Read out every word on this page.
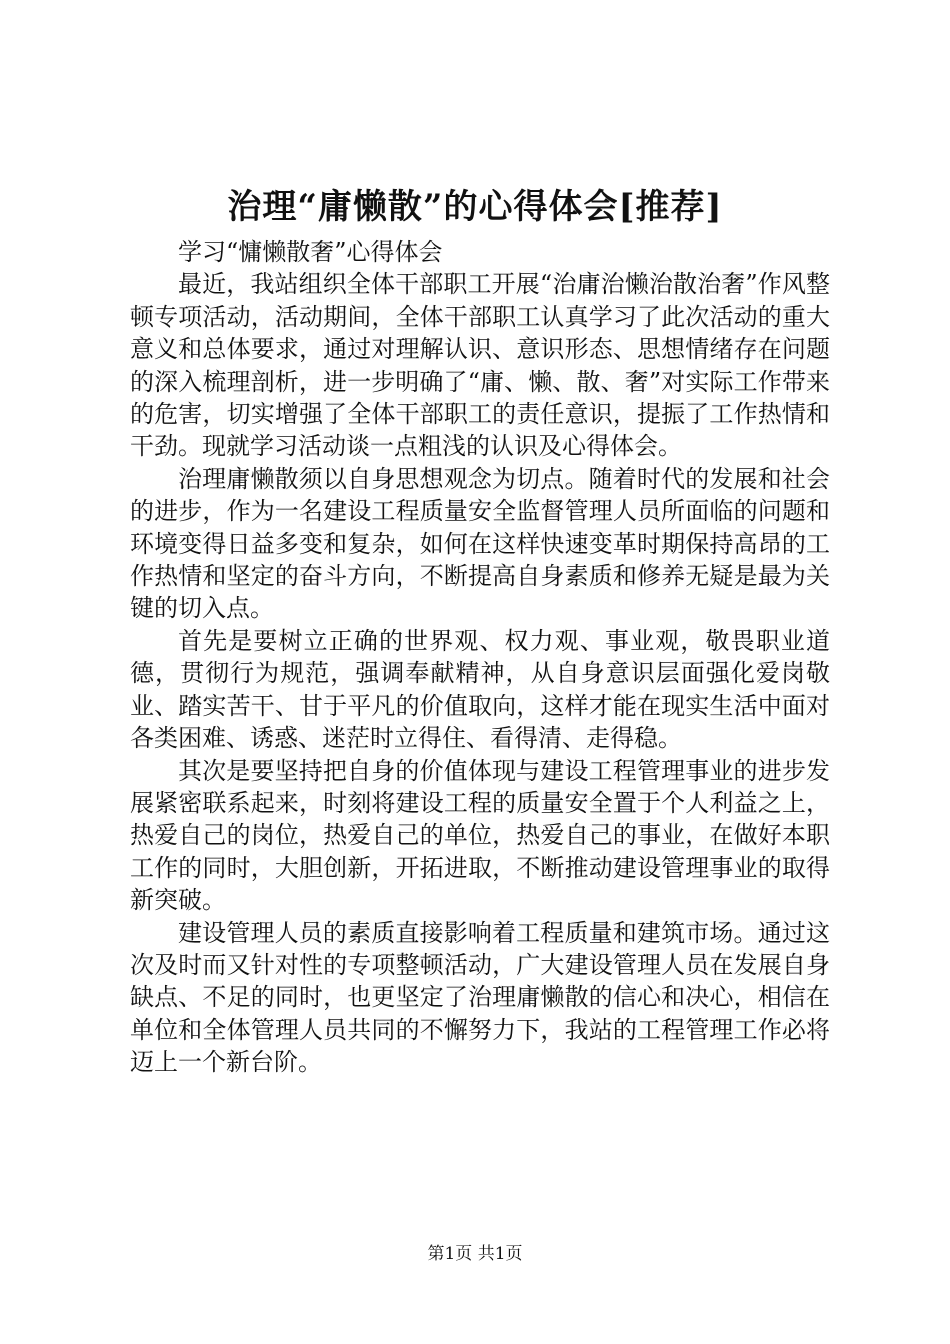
治理“庸懒散”的心得体会[推荐]

学习“慵懒散奢”心得体会

最近，我站组织全体干部职工开展“治庸治懒治散治奢”作风整顿专项活动，活动期间，全体干部职工认真学习了此次活动的重大意义和总体要求，通过对理解认识、意识形态、思想情绪存在问题的深入梳理剖析，进一步明确了“庸、懒、散、奢”对实际工作带来的危害，切实增强了全体干部职工的责任意识，提振了工作热情和干劲。现就学习活动谈一点粗浅的认识及心得体会。

治理庸懒散须以自身思想观念为切点。随着时代的发展和社会的进步，作为一名建设工程质量安全监督管理人员所面临的问题和环境变得日益多变和复杂，如何在这样快速变革时期保持高昂的工作热情和坚定的奋斗方向，不断提高自身素质和修养无疑是最为关键的切入点。

首先是要树立正确的世界观、权力观、事业观，敬畏职业道德，贯彻行为规范，强调奉献精神，从自身意识层面强化爱岗敬业、踏实苦干、甘于平凡的价值取向，这样才能在现实生活中面对各类困难、诱惑、迷茫时立得住、看得清、走得稳。

其次是要坚持把自身的价值体现与建设工程管理事业的进步发展紧密联系起来，时刻将建设工程的质量安全置于个人利益之上，热爱自己的岗位，热爱自己的单位，热爱自己的事业，在做好本职工作的同时，大胆创新，开拓进取，不断推动建设管理事业的取得新突破。

建设管理人员的素质直接影响着工程质量和建筑市场。通过这次及时而又针对性的专项整顿活动，广大建设管理人员在发展自身缺点、不足的同时，也更坚定了治理庸懒散的信心和决心，相信在单位和全体管理人员共同的不懈努力下，我站的工程管理工作必将迈上一个新台阶。

第1页 共1页
